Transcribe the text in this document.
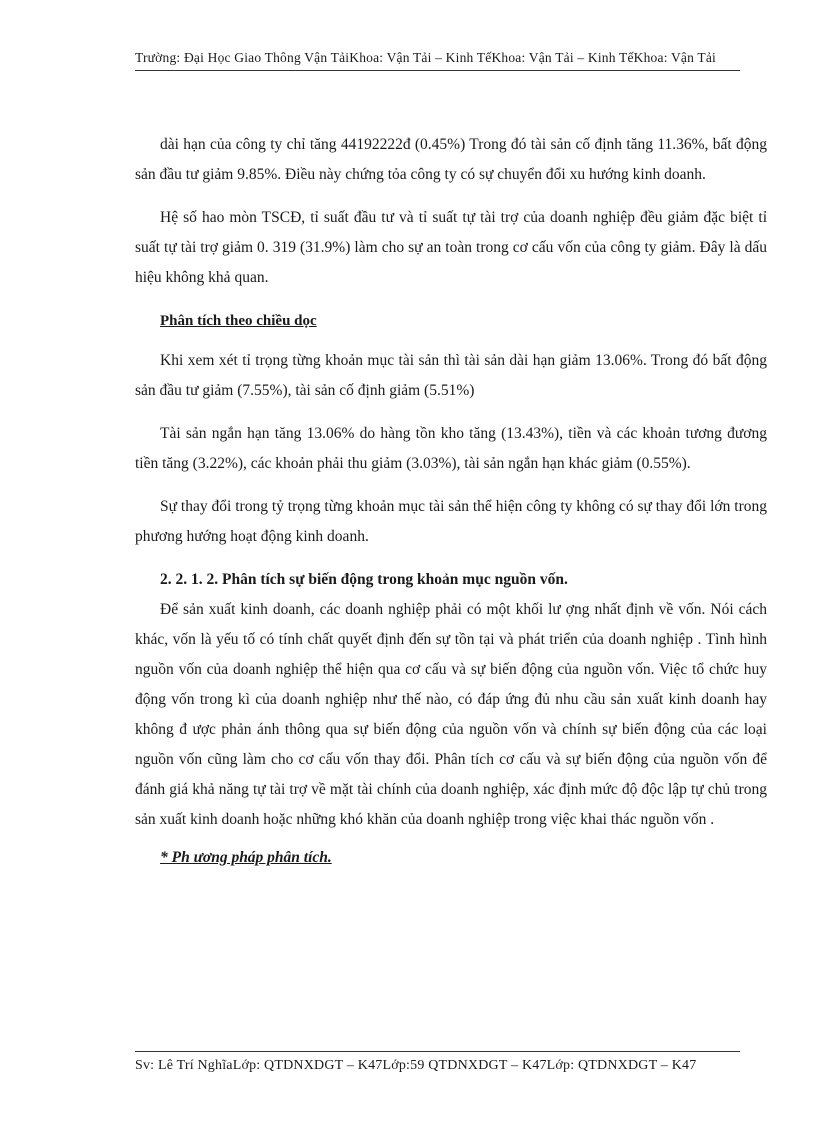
Trường: Đại Học Giao Thông Vận TảiKhoa: Vận Tải – Kinh TếKhoa: Vận Tải – Kinh TếKhoa: Vận Tải

dài hạn của công ty chỉ tăng 44192222đ (0.45%) Trong đó tài sản cố định tăng 11.36%, bất động sản đầu tư giảm 9.85%. Điều này chứng tỏa công ty có sự chuyển đổi xu hướng kinh doanh.

Hệ số hao mòn TSCĐ, tỉ suất đầu tư và tỉ suất tự tài trợ của doanh nghiệp đều giảm đặc biệt tỉ suất tự tài trợ giảm 0. 319 (31.9%) làm cho sự an toàn trong cơ cấu vốn của công ty giảm. Đây là dấu hiệu không khả quan.

Phân tích theo chiều dọc

Khi xem xét tỉ trọng từng khoản mục tài sản thì tài sản dài hạn giảm 13.06%. Trong đó bất động sản đầu tư giảm (7.55%), tài sản cố định giảm (5.51%)

Tài sản ngắn hạn tăng 13.06% do hàng tồn kho tăng (13.43%), tiền và các khoản tương đương tiền tăng (3.22%), các khoản phải thu giảm (3.03%), tài sản ngắn hạn khác giảm (0.55%).

Sự thay đổi trong tỷ trọng từng khoản mục tài sản thể hiện công ty không có sự thay đổi lớn trong phương hướng hoạt động kinh doanh.

2. 2. 1. 2. Phân tích sự biến động trong khoản mục nguồn vốn.

Để sản xuất kinh doanh, các doanh nghiệp phải có một khối lư ợng nhất định về vốn. Nói cách khác, vốn là yếu tố có tính chất quyết định đến sự tồn tại và phát triển của doanh nghiệp . Tình hình nguồn vốn của doanh nghiệp thể hiện qua cơ cấu và sự biến động của nguồn vốn. Việc tổ chức huy động vốn trong kì của doanh nghiệp như thế nào, có đáp ứng đủ nhu cầu sản xuất kinh doanh hay không đ ược phản ánh thông qua sự biến động của nguồn vốn và chính sự biến động của các loại nguồn vốn cũng làm cho cơ cấu vốn thay đổi. Phân tích cơ cấu và sự biến động của nguồn vốn để đánh giá khả năng tự tài trợ về mặt tài chính của doanh nghiệp, xác định mức độ độc lập tự chủ trong sản xuất kinh doanh hoặc những khó khăn của doanh nghiệp trong việc khai thác nguồn vốn .

* Ph ương pháp phân tích.

Sv: Lê Trí NghĩaLớp: QTDNXDGT – K47Lớp:59 QTDNXDGT – K47Lớp: QTDNXDGT – K47
